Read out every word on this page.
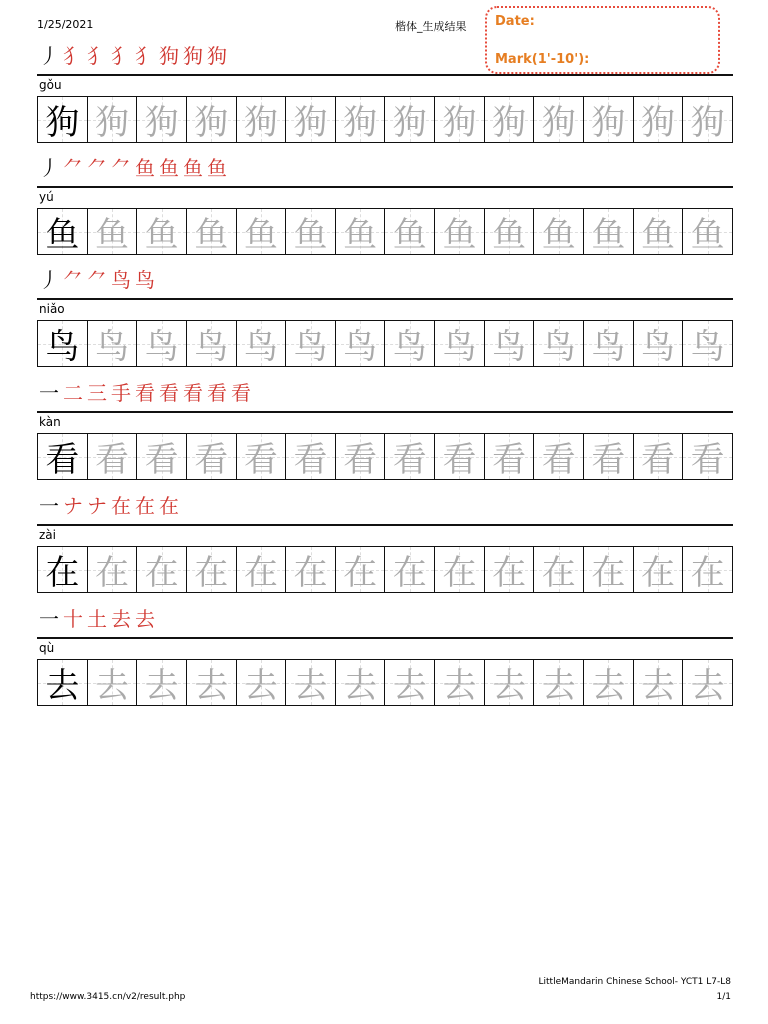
1/25/2021	楷体_生成结果 Date:
Mark(1'-10'):
丿 犭 犭 犭 犭 狗 狗 狗
gǒu
狗 狗 狗 狗 狗 狗 狗 狗 狗 狗 狗 狗 狗 狗
丿 ⺈ ⺈ ⺈ 鱼 鱼 鱼 鱼
yú
鱼 鱼 鱼 鱼 鱼 鱼 鱼 鱼 鱼 鱼 鱼 鱼 鱼 鱼
丿 ⺈ ⺈ 鸟 鸟
niǎo
鸟 鸟 鸟 鸟 鸟 鸟 鸟 鸟 鸟 鸟 鸟 鸟 鸟 鸟
一 二 三 手 看 看 看 看 看
kàn
看 看 看 看 看 看 看 看 看 看 看 看 看 看
一 ナ ナ 在 在 在
zài
在 在 在 在 在 在 在 在 在 在 在 在 在 在
一 十 土 去 去
qù
去 去 去 去 去 去 去 去 去 去 去 去 去 去
LittleMandarin Chinese School- YCT1 L7-L8
https://www.3415.cn/v2/result.php	1/1
